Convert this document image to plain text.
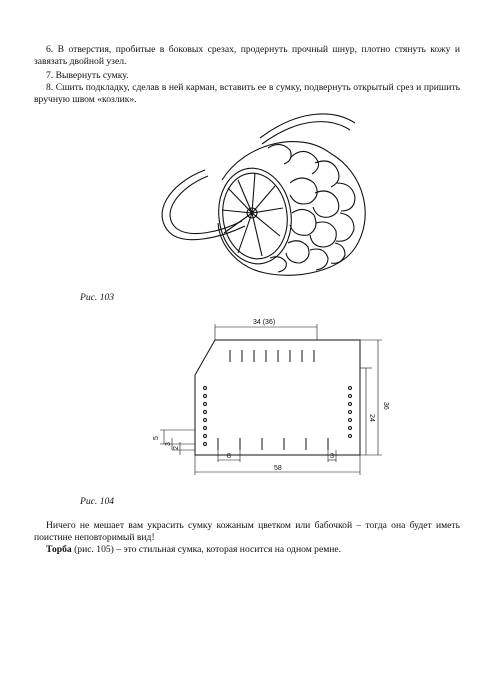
6. В отверстия, пробитые в боковых срезах, продернуть прочный шнур, плотно стянуть кожу и завязать двойной узел.

7. Вывернуть сумку.

8. Сшить подкладку, сделав в ней карман, вставить ее в сумку, подвернуть открытый срез и пришить вручную швом «козлик».

Рис. 103

34 (36)
36
24
58
8	3
5
3
2

Рис. 104

Ничего не мешает вам украсить сумку кожаным цветком или бабочкой – тогда она будет иметь поистине неповторимый вид!

Торба (рис. 105) – это стильная сумка, которая носится на одном ремне.
